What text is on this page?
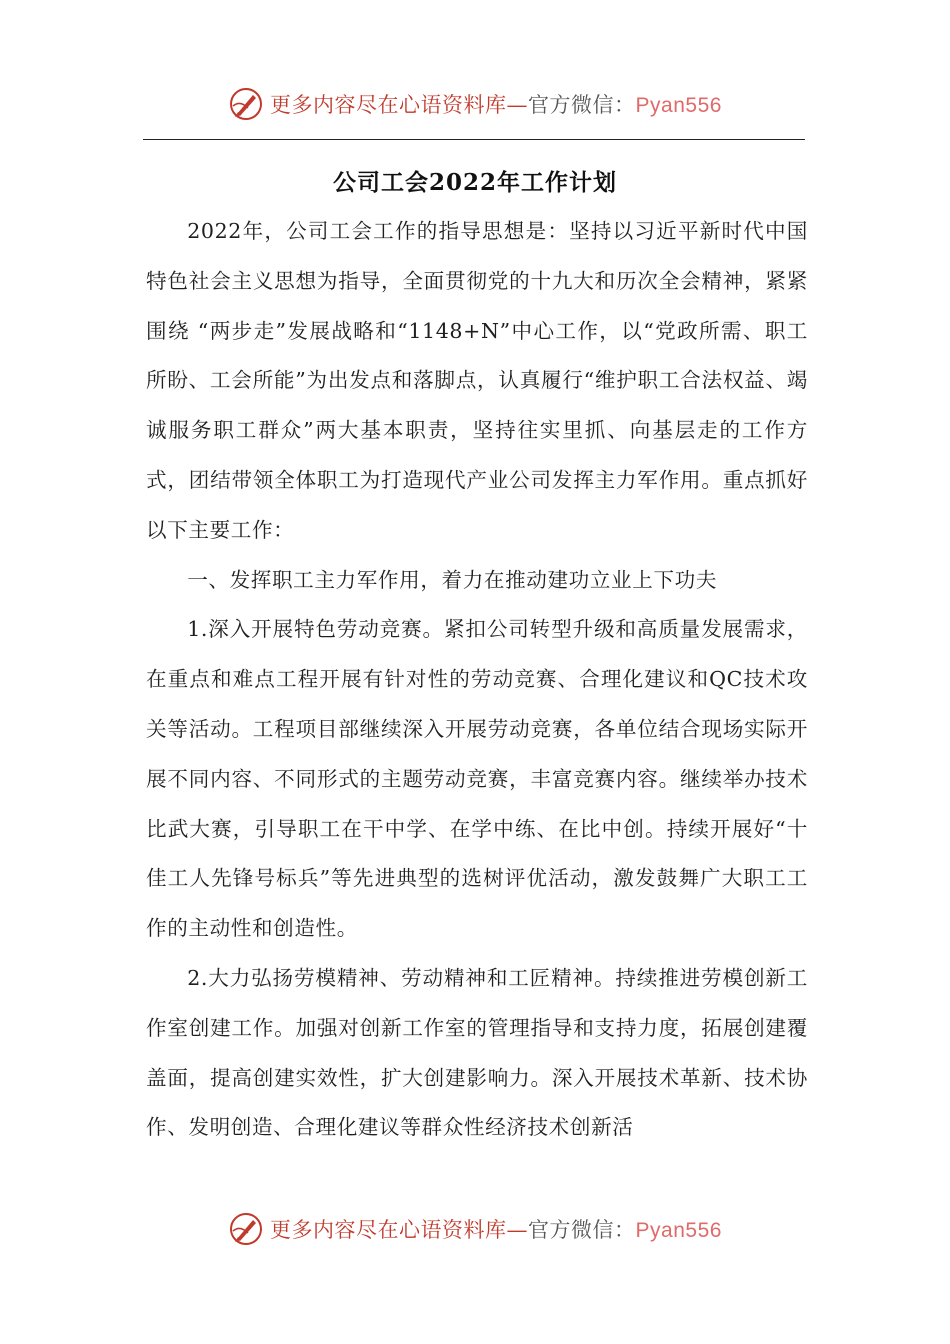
更多内容尽在心语资料库—官方微信：Pyan556
公司工会2022年工作计划

2022年，公司工会工作的指导思想是：坚持以习近平新时代中国特色社会主义思想为指导，全面贯彻党的十九大和历次全会精神，紧紧围绕 “两步走”发展战略和“1148+N”中心工作，以“党政所需、职工所盼、工会所能”为出发点和落脚点，认真履行“维护职工合法权益、竭诚服务职工群众”两大基本职责，坚持往实里抓、向基层走的工作方式，团结带领全体职工为打造现代产业公司发挥主力军作用。重点抓好以下主要工作：

一、发挥职工主力军作用，着力在推动建功立业上下功夫

1.深入开展特色劳动竞赛。紧扣公司转型升级和高质量发展需求，在重点和难点工程开展有针对性的劳动竞赛、合理化建议和QC技术攻关等活动。工程项目部继续深入开展劳动竞赛，各单位结合现场实际开展不同内容、不同形式的主题劳动竞赛，丰富竞赛内容。继续举办技术比武大赛，引导职工在干中学、在学中练、在比中创。持续开展好“十佳工人先锋号标兵”等先进典型的选树评优活动，激发鼓舞广大职工工作的主动性和创造性。

2.大力弘扬劳模精神、劳动精神和工匠精神。持续推进劳模创新工作室创建工作。加强对创新工作室的管理指导和支持力度，拓展创建覆盖面，提高创建实效性，扩大创建影响力。深入开展技术革新、技术协作、发明创造、合理化建议等群众性经济技术创新活

更多内容尽在心语资料库—官方微信：Pyan556
